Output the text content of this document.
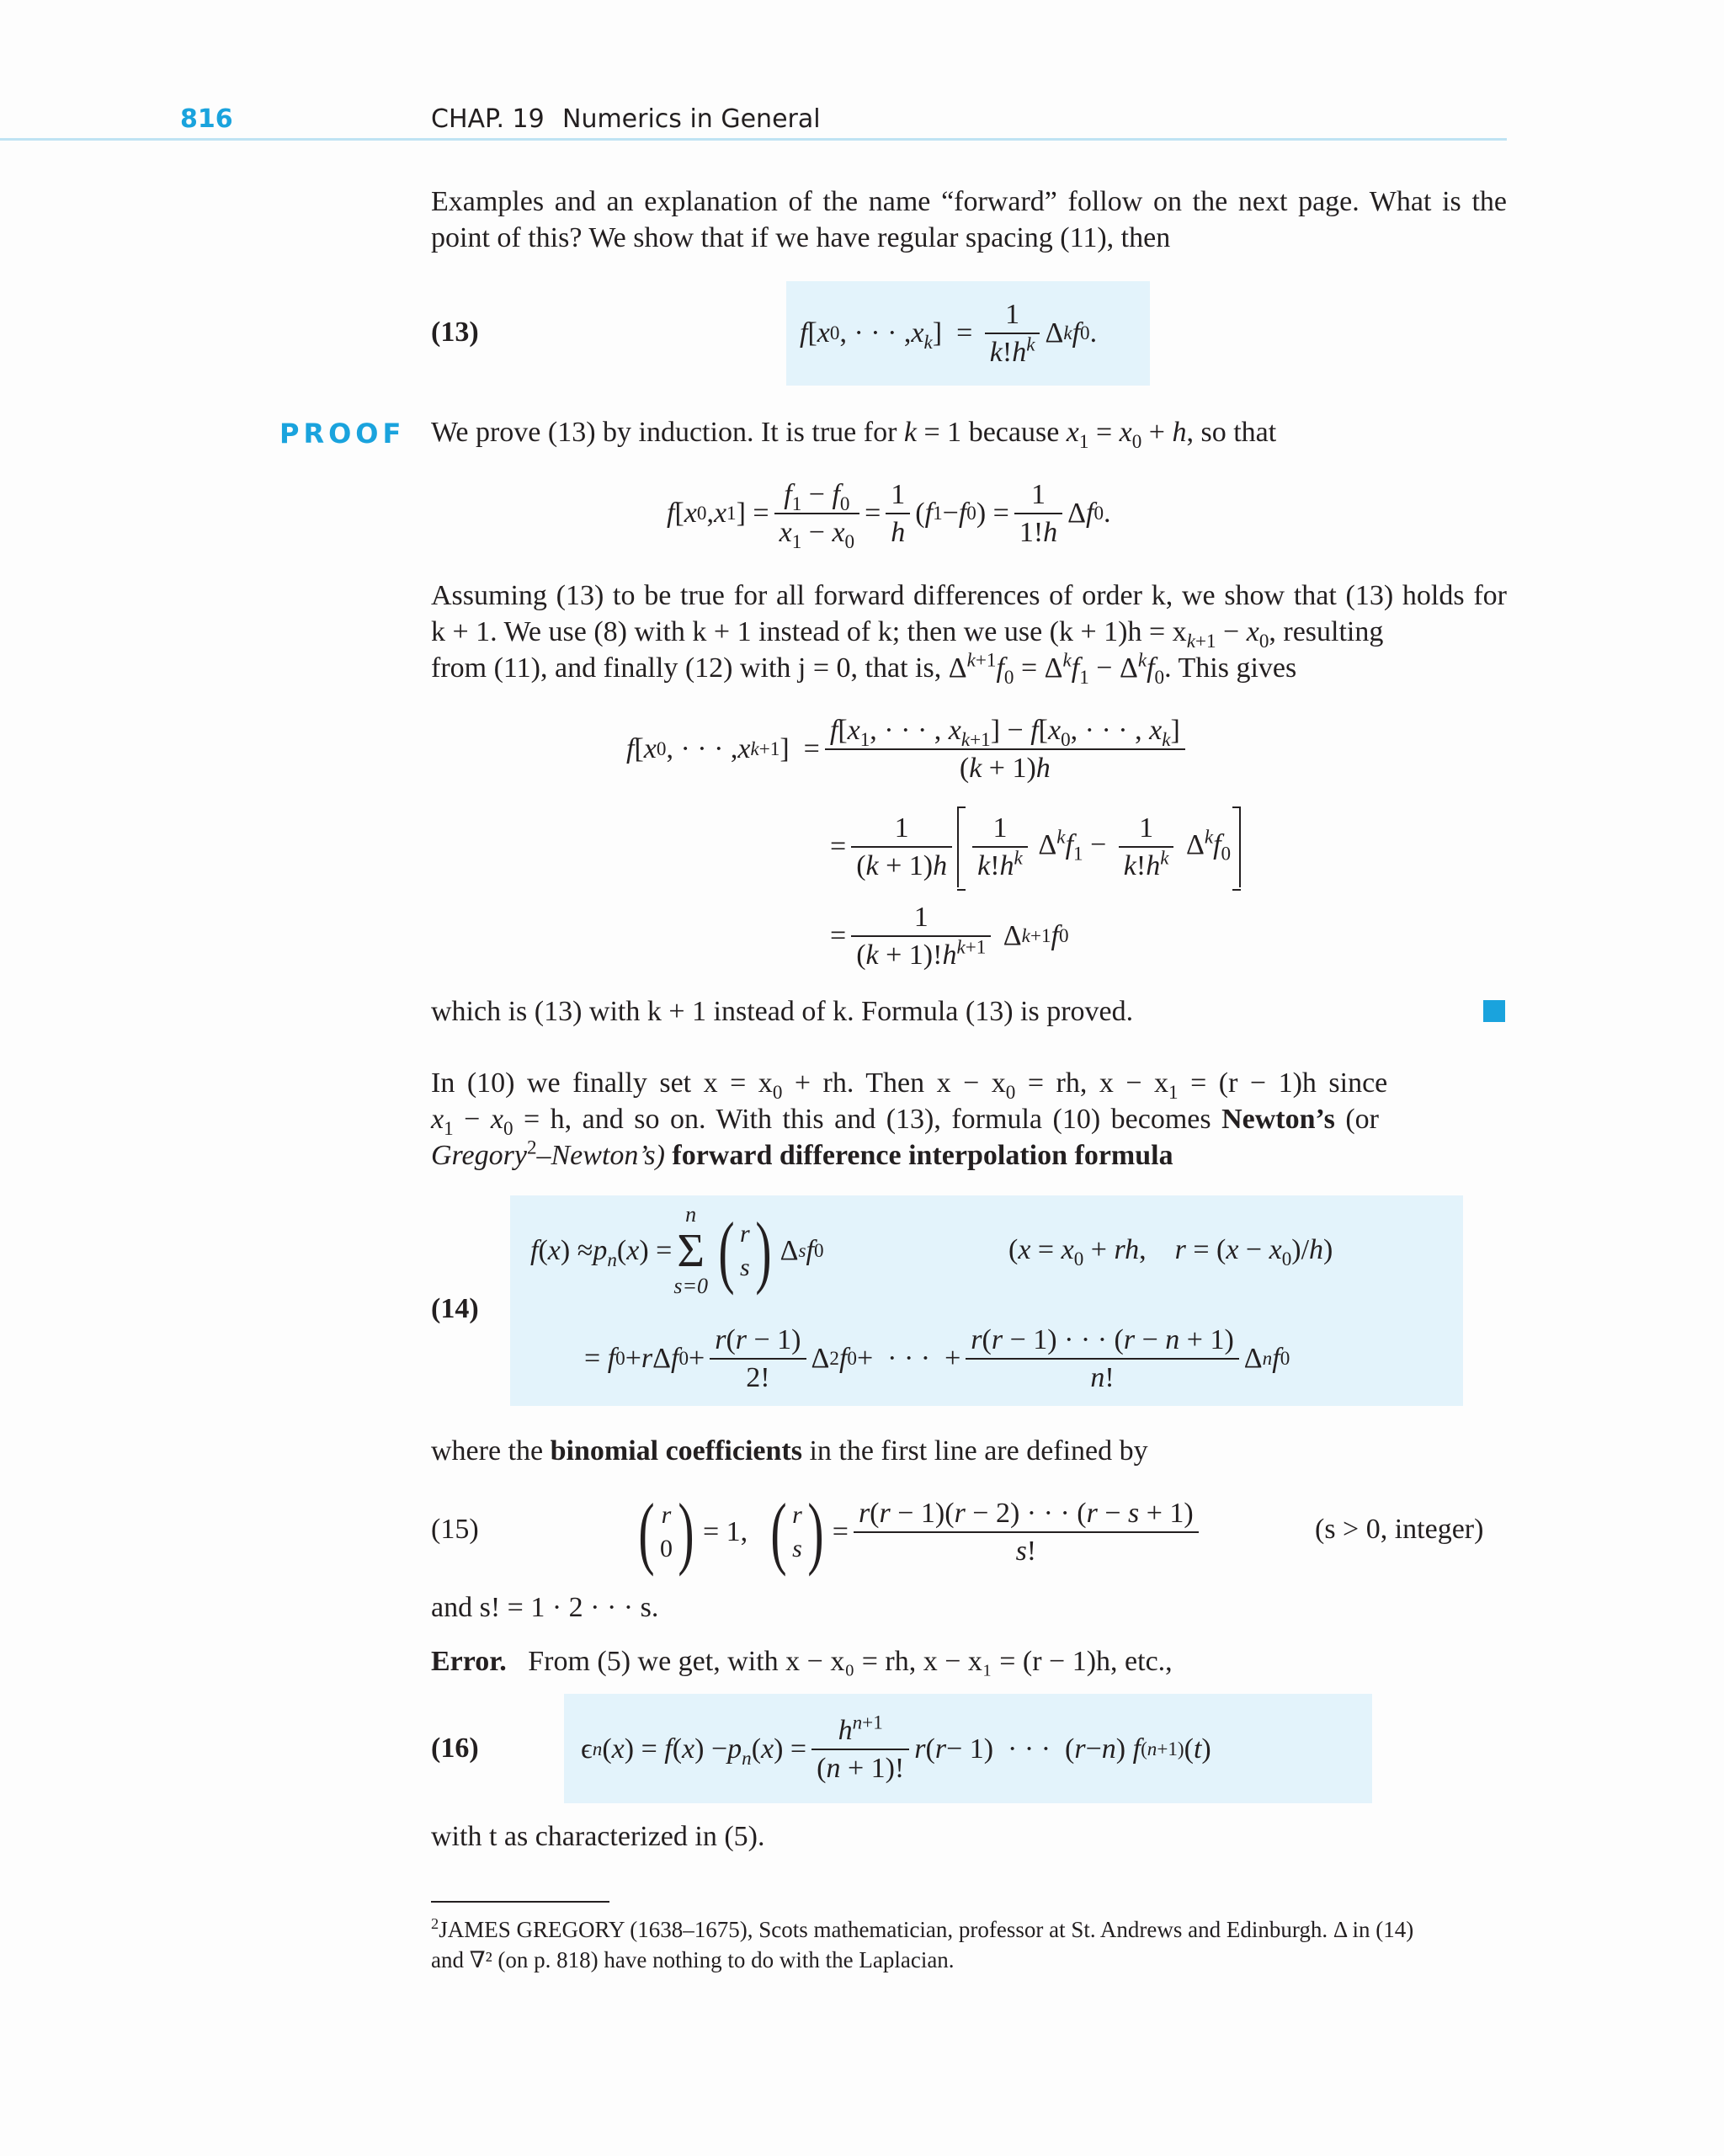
816	CHAP. 19 Numerics in General
Examples and an explanation of the name “forward” follow on the next page. What is the
point of this? We show that if we have regular spacing (11), then
(13)	f [ x 0 , · · · , $x_k$ ]  = $\frac{1}{k!h^k}$ Δ k f 0 .
PROOF We prove (13) by induction. It is true for k = 1 because $x_1 = x_0 + h$, so that
f [ x 0 , x 1 ] = $\frac{f_1 - f_0}{x_1 - x_0} = \frac{1}{h}$ ( f 1 − f 0 ) = $\frac{1}{1!h}$ Δ f 0 .
Assuming (13) to be true for all forward differences of order k, we show that (13) holds for
k + 1. We use (8) with k + 1 instead of k; then we use $(k + 1)h = x_{k+1} - x_0$, resulting
from (11), and finally (12) with j = 0, that is, $\Delta^{k+1}f_0 = \Delta^kf_1 - \Delta^kf_0$. This gives
f [ x 0 , · · · , x k+1 ]  = $\frac{f[x_1, \cdot \cdot \cdot , x_{k+1}] - f[x_0, \cdot \cdot \cdot , x_k]}{(k + 1)h}$
= $\frac{1}{(k + 1)h} \frac{1}{k!h^k} \Delta^kf_1 - \frac{1}{k!h^k} \Delta^kf_0$
= $\frac{1}{(k + 1)!h^{k+1}}$ Δ k+1 f 0
which is (13) with k + 1 instead of k. Formula (13) is proved.
In (10) we finally set $x = x_0$ + rh. Then $x - x_0$ = rh, $x - x_1 = (r - 1)h$ since
$x_1 - x_0 = h$, and so on. With this and (13), formula (10) becomes Newton’s (or
Gregory$^2$–Newton’s) forward difference interpolation formula
(14)
f ( x ) ≈ $p_n$ ( x ) =
n
Σ
s=0 ( r
s ) Δ s f 0	($x = x_0$ + rh,    $r = (x - x_0)/h$)
= f 0 + r Δ f $0 + \frac{r(r - 1)}{2!}$ Δ 2 f 0 +  · · ·  + $\frac{r(r - 1) \cdot \cdot \cdot (r - n + 1)}{n!}$ Δ n f 0
where the binomial coefficients in the first line are defined by
(15) ( r
0 ) = 1, ( r
s ) = $\frac{r(r - 1)(r - 2) \cdot \cdot \cdot (r - s + 1)}{s!}$	(s > 0, integer)
and s! = 1 · 2 · · · s.
Error. From (5) we get, with x − x₀ = rh, x − x₁ = (r − 1)h, etc.,
(16)	ϵ n ( x ) = f ( x ) − $p_n$ ( x ) = $\frac{h^{n+1}}{(n + 1)!}$ r ( r − 1)  · · ·  ( r − n ) f (n+1) ( t )
with t as characterized in (5).
$^2$JAMES GREGORY (1638–1675), Scots mathematician, professor at St. Andrews and Edinburgh. Δ in (14)
and ∇² (on p. 818) have nothing to do with the Laplacian.
